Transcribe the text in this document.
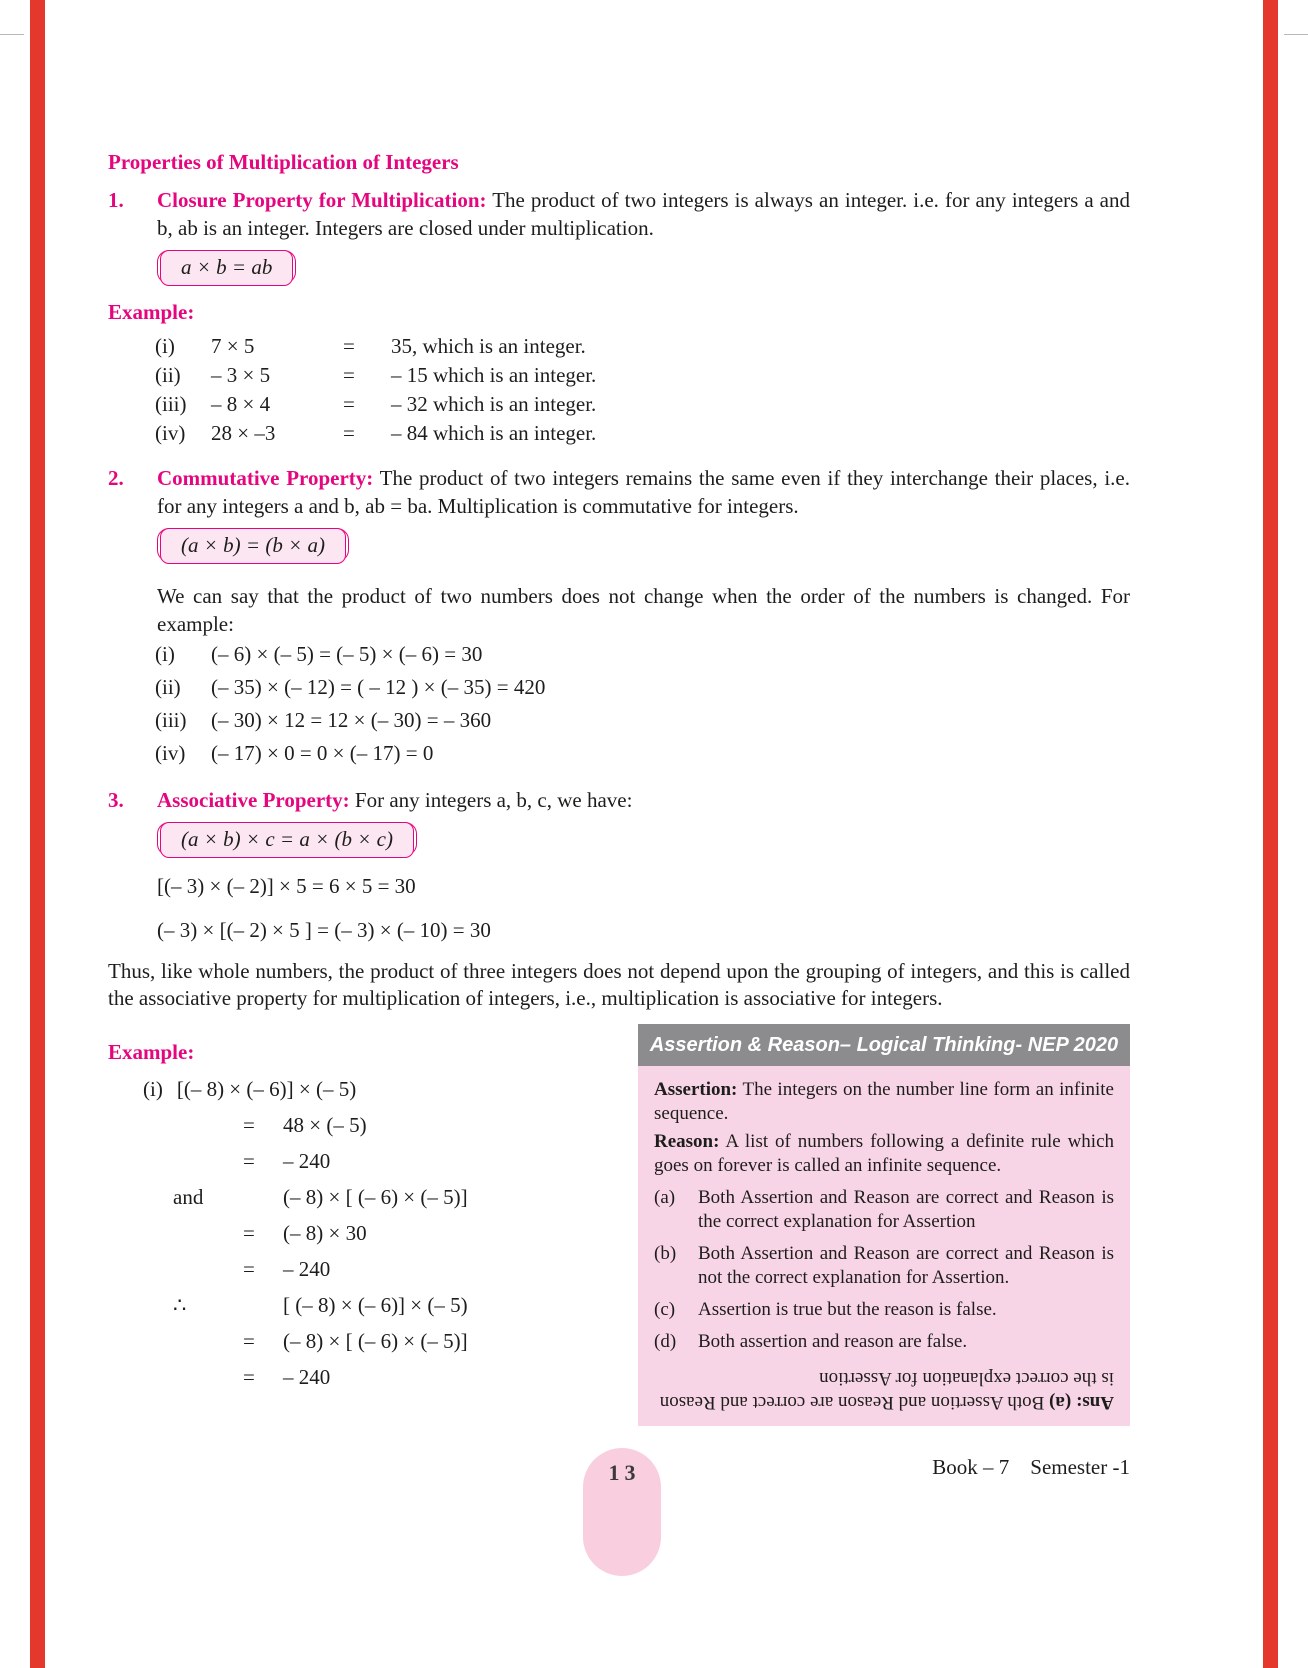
Properties of Multiplication of Integers
1.	Closure Property for Multiplication: The product of two integers is always an integer. i.e. for any integers a and b, ab is an integer. Integers are closed under multiplication.

a × b = ab
Example:
(i)	7 × 5	=	35, which is an integer.
(ii)	– 3 × 5	=	– 15 which is an integer.
(iii)	– 8 × 4	=	– 32 which is an integer.
(iv)	28 × –3	=	– 84 which is an integer.
2.	Commutative Property: The product of two integers remains the same even if they interchange their places, i.e. for any integers a and b, ab = ba. Multiplication is commutative for integers.

(a × b) = (b × a)

We can say that the product of two numbers does not change when the order of the numbers is changed. For example:

(i)	(– 6) × (– 5) = (– 5) × (– 6) = 30
(ii)	(– 35) × (– 12) = ( – 12 ) × (– 35) = 420
(iii)	(– 30) × 12 = 12 × (– 30) = – 360
(iv)	(– 17) × 0 = 0 × (– 17) = 0
3.	Associative Property: For any integers a, b, c, we have:

(a × b) × c = a × (b × c)

[(– 3) × (– 2)] × 5 = 6 × 5 = 30

(– 3) × [(– 2) × 5 ] = (– 3) × (– 10) = 30

Thus, like whole numbers, the product of three integers does not depend upon the grouping of integers, and this is called the associative property for multiplication of integers, i.e., multiplication is associative for integers.

Example:
(i) [(– 8) × (– 6)] × (– 5)
=	48 × (– 5)
=	– 240
and	(– 8) × [ (– 6) × (– 5)]
=	(– 8) × 30
=	– 240
∴	[ (– 8) × (– 6)] × (– 5)
=	(– 8) × [ (– 6) × (– 5)]
=	– 240
Assertion & Reason– Logical Thinking- NEP 2020

Assertion: The integers on the number line form an infinite sequence.

Reason: A list of numbers following a definite rule which goes on forever is called an infinite sequence.

(a)	Both Assertion and Reason are correct and Reason is the correct explanation for Assertion
(b)	Both Assertion and Reason are correct and Reason is not the correct explanation for Assertion.
(c)	Assertion is true but the reason is false.
(d)	Both assertion and reason are false.
Ans: (a) Both Assertion and Reason are correct and Reason is the correct explanation for Assertion
Book – 7    Semester -1
13
